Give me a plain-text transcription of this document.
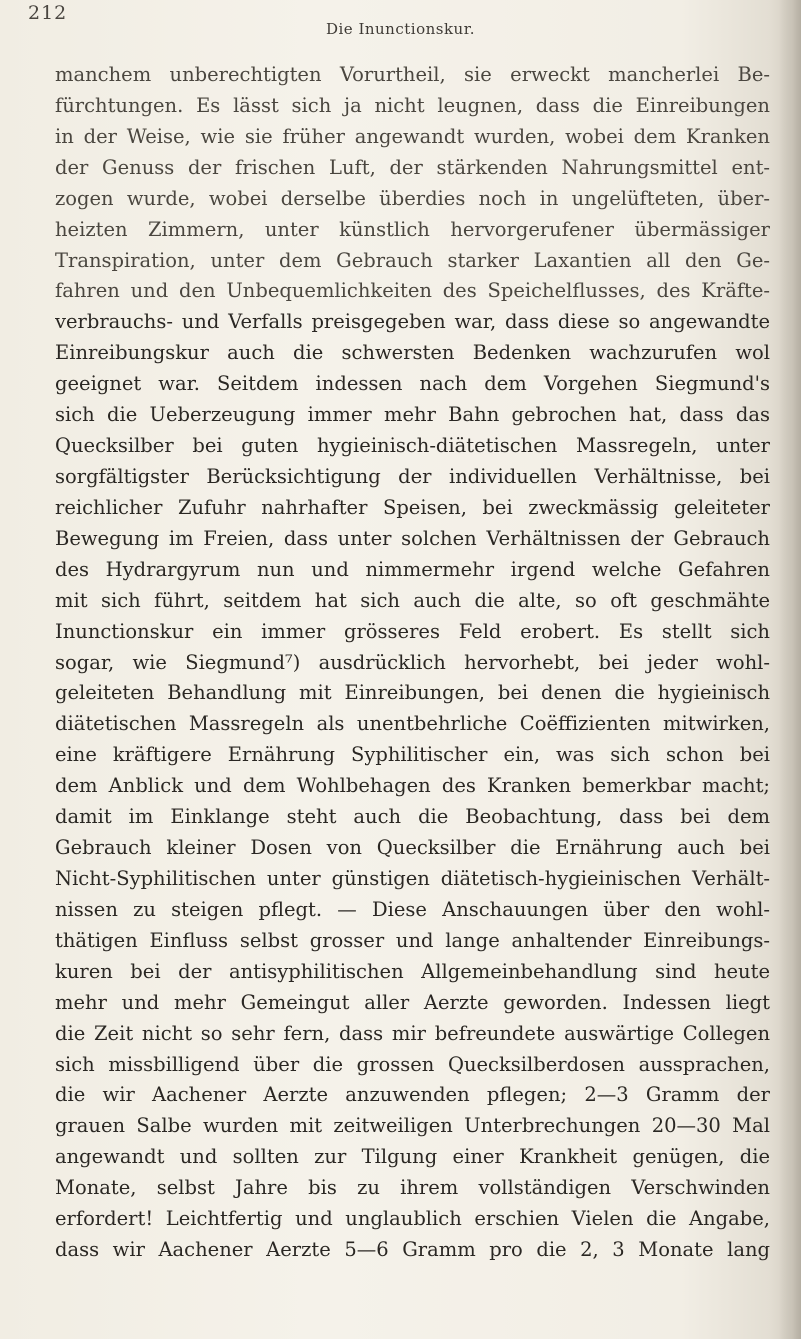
212
Die Inunctionskur.
manchem unberechtigten Vorurtheil, sie erweckt mancherlei Be-
fürchtungen. Es lässt sich ja nicht leugnen, dass die Einreibungen
in der Weise, wie sie früher angewandt wurden, wobei dem Kranken
der Genuss der frischen Luft, der stärkenden Nahrungsmittel ent-
zogen wurde, wobei derselbe überdies noch in ungelüfteten, über-
heizten Zimmern, unter künstlich hervorgerufener übermässiger
Transpiration, unter dem Gebrauch starker Laxantien all den Ge-
fahren und den Unbequemlichkeiten des Speichelflusses, des Kräfte-
verbrauchs- und Verfalls preisgegeben war, dass diese so angewandte
Einreibungskur auch die schwersten Bedenken wachzurufen wol
geeignet war. Seitdem indessen nach dem Vorgehen Siegmund's
sich die Ueberzeugung immer mehr Bahn gebrochen hat, dass das
Quecksilber bei guten hygieinisch-diätetischen Massregeln, unter
sorgfältigster Berücksichtigung der individuellen Verhältnisse, bei
reichlicher Zufuhr nahrhafter Speisen, bei zweckmässig geleiteter
Bewegung im Freien, dass unter solchen Verhältnissen der Gebrauch
des Hydrargyrum nun und nimmermehr irgend welche Gefahren
mit sich führt, seitdem hat sich auch die alte, so oft geschmähte
Inunctionskur ein immer grösseres Feld erobert. Es stellt sich
sogar, wie Siegmund⁷) ausdrücklich hervorhebt, bei jeder wohl-
geleiteten Behandlung mit Einreibungen, bei denen die hygieinisch
diätetischen Massregeln als unentbehrliche Coëffizienten mitwirken,
eine kräftigere Ernährung Syphilitischer ein, was sich schon bei
dem Anblick und dem Wohlbehagen des Kranken bemerkbar macht;
damit im Einklange steht auch die Beobachtung, dass bei dem
Gebrauch kleiner Dosen von Quecksilber die Ernährung auch bei
Nicht-Syphilitischen unter günstigen diätetisch-hygieinischen Verhält-
nissen zu steigen pflegt. — Diese Anschauungen über den wohl-
thätigen Einfluss selbst grosser und lange anhaltender Einreibungs-
kuren bei der antisyphilitischen Allgemeinbehandlung sind heute
mehr und mehr Gemeingut aller Aerzte geworden. Indessen liegt
die Zeit nicht so sehr fern, dass mir befreundete auswärtige Collegen
sich missbilligend über die grossen Quecksilberdosen aussprachen,
die wir Aachener Aerzte anzuwenden pflegen; 2—3 Gramm der
grauen Salbe wurden mit zeitweiligen Unterbrechungen 20—30 Mal
angewandt und sollten zur Tilgung einer Krankheit genügen, die
Monate, selbst Jahre bis zu ihrem vollständigen Verschwinden
erfordert! Leichtfertig und unglaublich erschien Vielen die Angabe,
dass wir Aachener Aerzte 5—6 Gramm pro die 2, 3 Monate lang
